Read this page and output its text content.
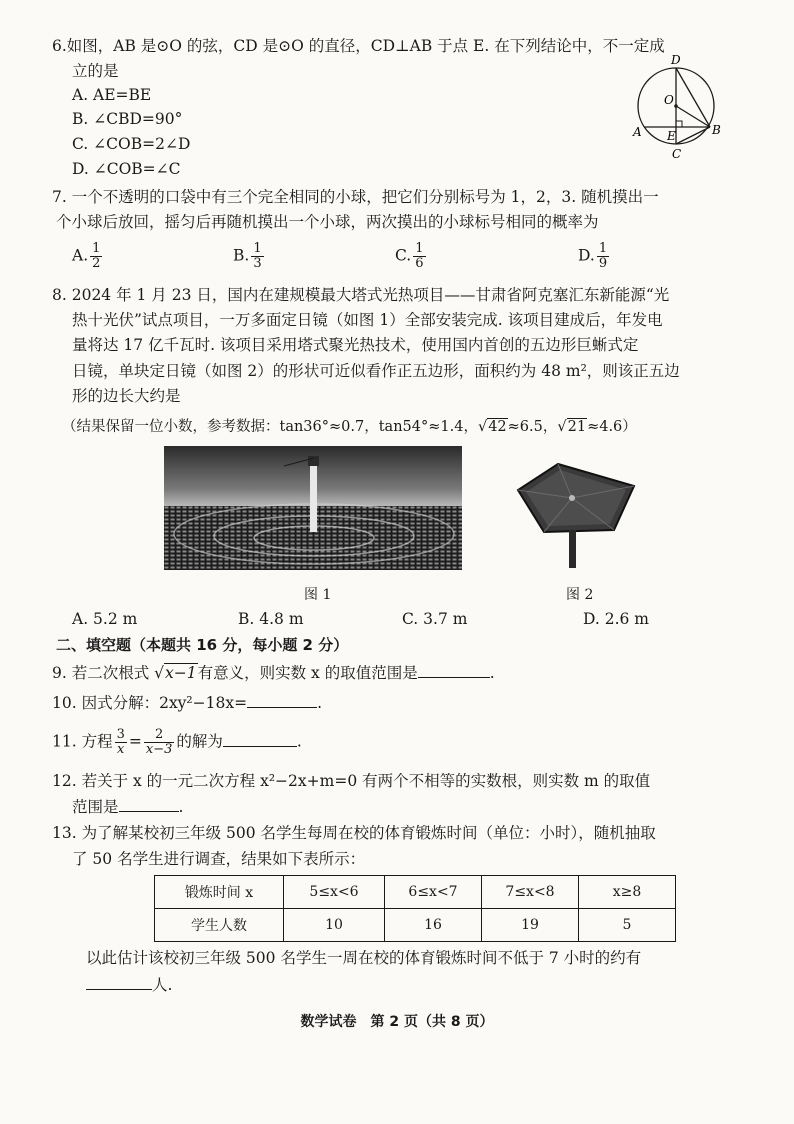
6.如图，AB 是⊙O 的弦，CD 是⊙O 的直径，CD⊥AB 于点 E. 在下列结论中，不一定成
立的是
A. AE=BE
B. ∠CBD=90°
C. ∠COB=2∠D
D. ∠COB=∠C
D
O
A E	B
C
7. 一个不透明的口袋中有三个完全相同的小球，把它们分别标号为 1，2，3. 随机摸出一
个小球后放回，摇匀后再随机摸出一个小球，两次摸出的小球标号相同的概率为
A. $\frac{1}{2}$	B. $\frac{1}{3}$	C. $\frac{1}{6}$	D. $\frac{1}{9}$
8. 2024 年 1 月 23 日，国内在建规模最大塔式光热项目——甘肃省阿克塞汇东新能源“光
热十光伏”试点项目，一万多面定日镜（如图 1）全部安装完成. 该项目建成后，年发电
量将达 17 亿千瓦时. 该项目采用塔式聚光热技术，使用国内首创的五边形巨蜥式定
日镜，单块定日镜（如图 2）的形状可近似看作正五边形，面积约为 48 m²，则该正五边
形的边长大约是
（结果保留一位小数，参考数据：tan36°≈0.7，tan54°≈1.4，√42≈6.5，√21≈4.6）
图 1	图 2
A. 5.2 m	B. 4.8 m	C. 3.7 m	D. 2.6 m
二、填空题（本题共 16 分，每小题 2 分）
9. 若二次根式 √x−1有意义，则实数 x 的取值范围是	.
10. 因式分解：2xy²−18x=	.
11. 方程 $\frac{3}{x} = \frac{2}{x-3}$ 的解为	.
12. 若关于 x 的一元二次方程 x²−2x+m=0 有两个不相等的实数根，则实数 m 的取值
范围是	.
13. 为了解某校初三年级 500 名学生每周在校的体育锻炼时间（单位：小时），随机抽取
了 50 名学生进行调查，结果如下表所示：
锻炼时间 x	5≤x<6	6≤x<7	7≤x<8	x≥8
学生人数	10	16	19	5
以此估计该校初三年级 500 名学生一周在校的体育锻炼时间不低于 7 小时的约有
人.
数学试卷　第 2 页（共 8 页）
